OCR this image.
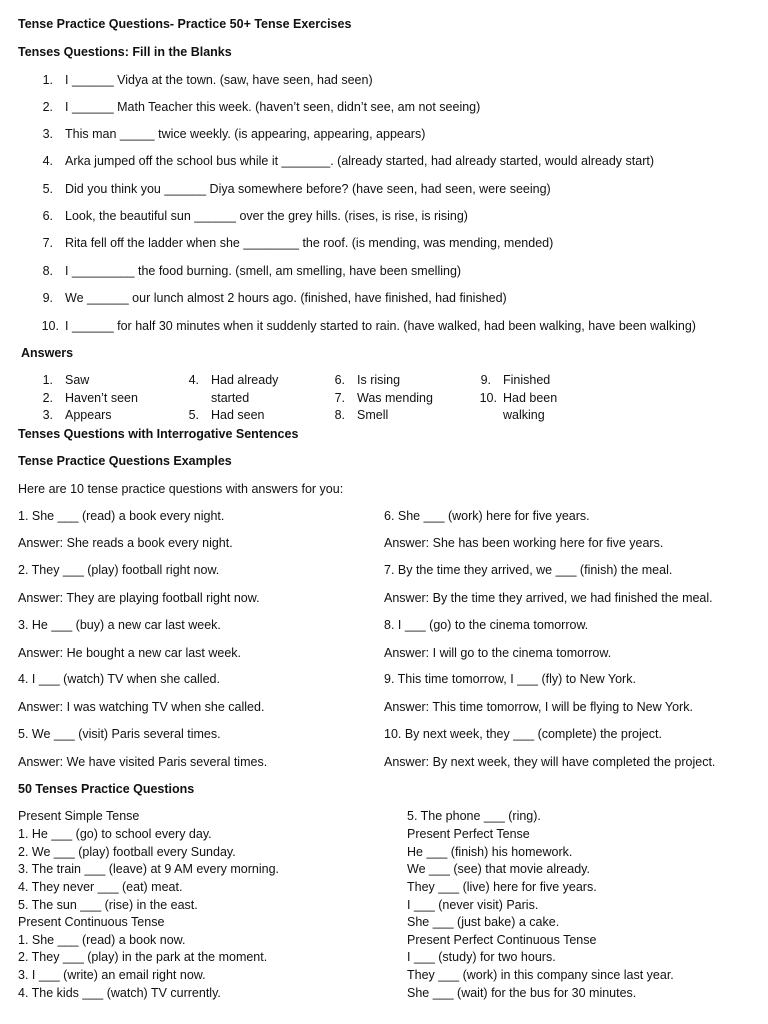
Tense Practice Questions- Practice 50+ Tense Exercises
Tenses Questions: Fill in the Blanks
1. I ______ Vidya at the town. (saw, have seen, had seen)
2. I ______ Math Teacher this week. (haven’t seen, didn’t see, am not seeing)
3. This man _____ twice weekly. (is appearing, appearing, appears)
4. Arka jumped off the school bus while it _______. (already started, had already started, would already start)
5. Did you think you ______ Diya somewhere before? (have seen, had seen, were seeing)
6. Look, the beautiful sun ______ over the grey hills. (rises, is rise, is rising)
7. Rita fell off the ladder when she ________ the roof. (is mending, was mending, mended)
8. I _________ the food burning. (smell, am smelling, have been smelling)
9. We ______ our lunch almost 2 hours ago. (finished, have finished, had finished)
10. I ______ for half 30 minutes when it suddenly started to rain. (have walked, had been walking, have been walking)
Answers
1. Saw
2. Haven’t seen
3. Appears
4. Had already
started
5. Had seen
6. Is rising
7. Was mending
8. Smell
9. Finished
10. Had been
walking
Tenses Questions with Interrogative Sentences
Tense Practice Questions Examples
Here are 10 tense practice questions with answers for you:
1. She ___ (read) a book every night.
Answer: She reads a book every night.
2. They ___ (play) football right now.
Answer: They are playing football right now.
3. He ___ (buy) a new car last week.
Answer: He bought a new car last week.
4. I ___ (watch) TV when she called.
Answer: I was watching TV when she called.
5. We ___ (visit) Paris several times.
Answer: We have visited Paris several times.
6. She ___ (work) here for five years.
Answer: She has been working here for five years.
7. By the time they arrived, we ___ (finish) the meal.
Answer: By the time they arrived, we had finished the meal.
8. I ___ (go) to the cinema tomorrow.
Answer: I will go to the cinema tomorrow.
9. This time tomorrow, I ___ (fly) to New York.
Answer: This time tomorrow, I will be flying to New York.
10. By next week, they ___ (complete) the project.
Answer: By next week, they will have completed the project.
50 Tenses Practice Questions
Present Simple Tense
1. He ___ (go) to school every day.
2. We ___ (play) football every Sunday.
3. The train ___ (leave) at 9 AM every morning.
4. They never ___ (eat) meat.
5. The sun ___ (rise) in the east.
Present Continuous Tense
1. She ___ (read) a book now.
2. They ___ (play) in the park at the moment.
3. I ___ (write) an email right now.
4. The kids ___ (watch) TV currently.
5. The phone ___ (ring).
Present Perfect Tense
He ___ (finish) his homework.
We ___ (see) that movie already.
They ___ (live) here for five years.
I ___ (never visit) Paris.
She ___ (just bake) a cake.
Present Perfect Continuous Tense
I ___ (study) for two hours.
They ___ (work) in this company since last year.
She ___ (wait) for the bus for 30 minutes.
